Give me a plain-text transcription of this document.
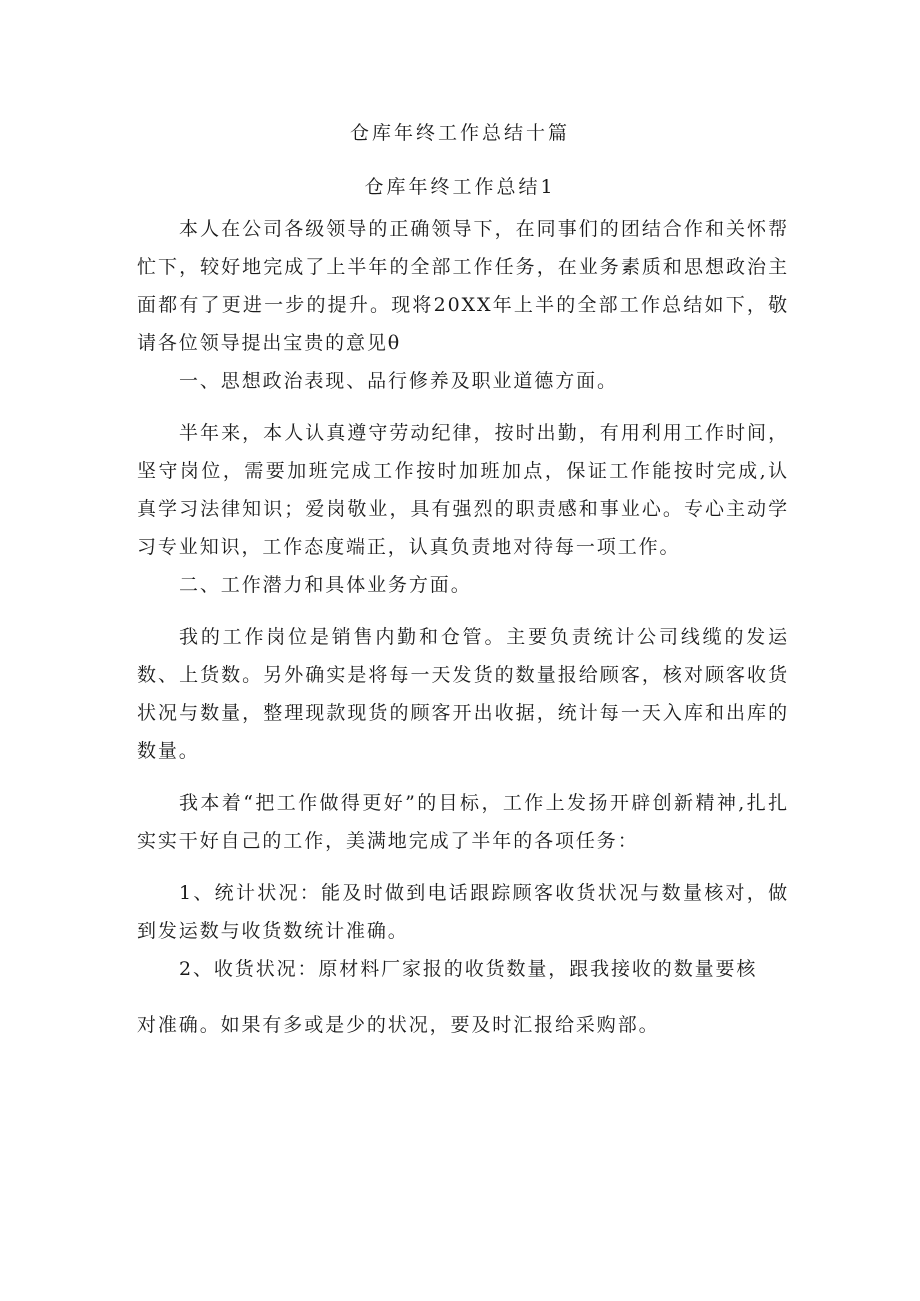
仓库年终工作总结十篇
仓库年终工作总结1

本人在公司各级领导的正确领导下，在同事们的团结合作和关怀帮忙下，较好地完成了上半年的全部工作任务，在业务素质和思想政治主面都有了更进一步的提升。现将20XX年上半的全部工作总结如下，敬请各位领导提出宝贵的意见θ

一、思想政治表现、品行修养及职业道德方面。

半年来，本人认真遵守劳动纪律，按时出勤，有用利用工作时间，坚守岗位，需要加班完成工作按时加班加点，保证工作能按时完成,认真学习法律知识；爱岗敬业，具有强烈的职责感和事业心。专心主动学习专业知识，工作态度端正，认真负责地对待每一项工作。

二、工作潜力和具体业务方面。

我的工作岗位是销售内勤和仓管。主要负责统计公司线缆的发运数、上货数。另外确实是将每一天发货的数量报给顾客，核对顾客收货状况与数量，整理现款现货的顾客开出收据，统计每一天入库和出库的数量。

我本着“把工作做得更好”的目标，工作上发扬开辟创新精神,扎扎实实干好自己的工作，美满地完成了半年的各项任务：

1、统计状况：能及时做到电话跟踪顾客收货状况与数量核对，做到发运数与收货数统计准确。

2、收货状况：原材料厂家报的收货数量，跟我接收的数量要核

对准确。如果有多或是少的状况，要及时汇报给采购部。
